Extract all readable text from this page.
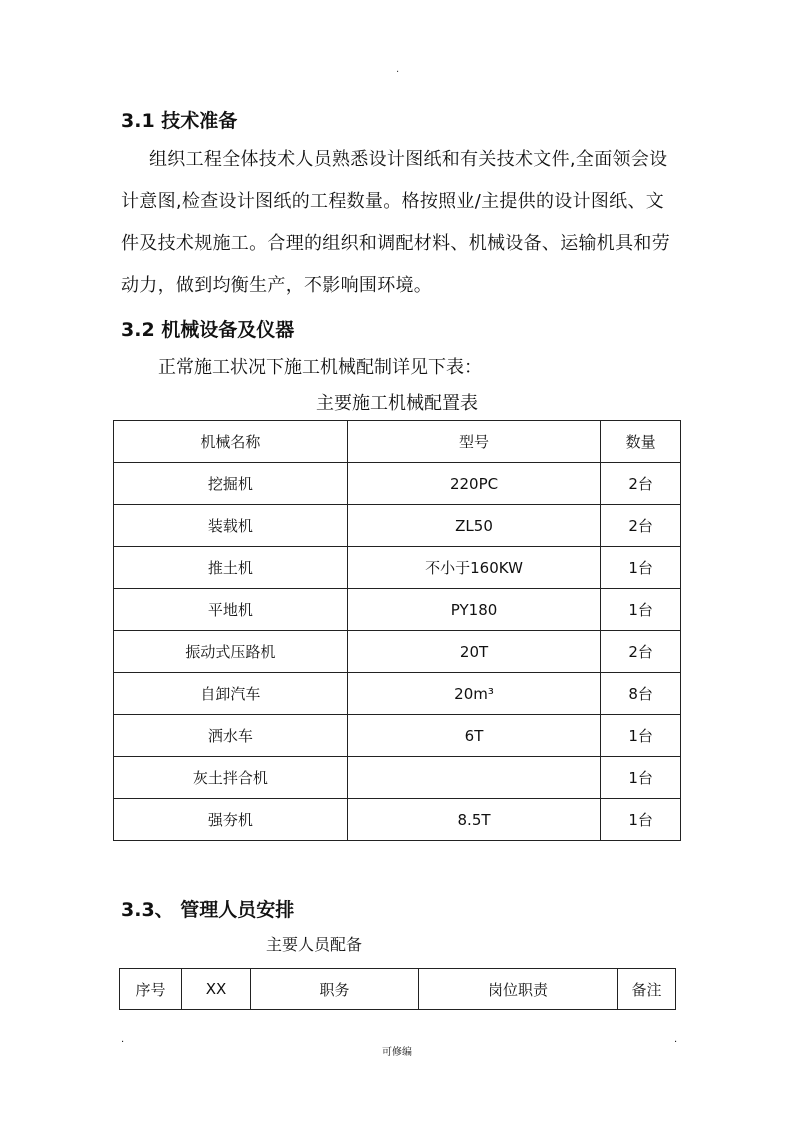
.
3.1 技术准备
组织工程全体技术人员熟悉设计图纸和有关技术文件,全面领会设
计意图,检查设计图纸的工程数量。格按照业/主提供的设计图纸、文
件及技术规施工。合理的组织和调配材料、机械设备、运输机具和劳
动力，做到均衡生产，不影响围环境。
3.2 机械设备及仪器
正常施工状况下施工机械配制详见下表：
主要施工机械配置表
机械名称	型号	数量
挖掘机	220PC	2台
装载机	ZL50	2台
推土机	不小于160KW	1台
平地机	PY180	1台
振动式压路机	20T	2台
自卸汽车	20m³	8台
洒水车	6T	1台
灰土拌合机		1台
强夯机	8.5T	1台
3.3、 管理人员安排
主要人员配备
序号	XX	职务	岗位职责	备注
.
可修编
.
